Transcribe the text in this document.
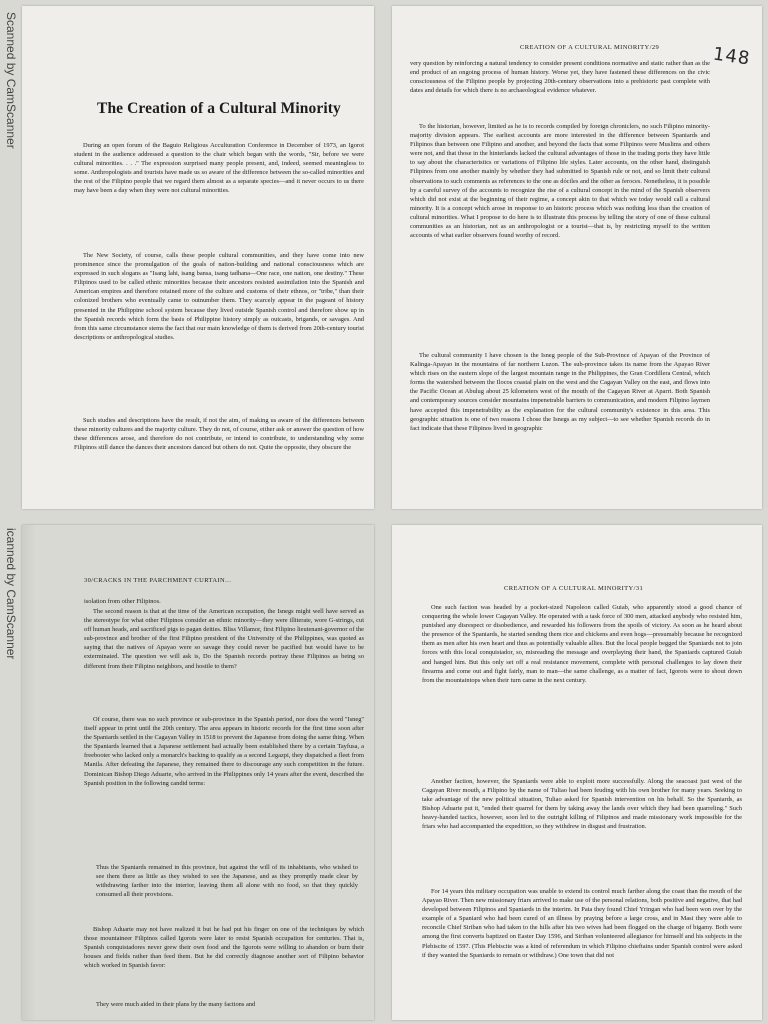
Scanned by CamScanner
icanned by CamScanner
The Creation of a Cultural Minority

During an open forum of the Baguio Religious Acculturation Conference in December of 1973, an Igorot student in the audience addressed a question to the chair which began with the words, "Sir, before we were cultural minorities. . . ." The expression surprised many people present, and, indeed, seemed meaningless to some. Anthropologists and tourists have made us so aware of the difference between the so-called minorities and the rest of the Filipino people that we regard them almost as a separate species—and it never occurs to us there may have been a day when they were not cultural minorities.

The New Society, of course, calls these people cultural communities, and they have come into new prominence since the promulgation of the goals of nation-building and national consciousness which are expressed in such slogans as "Isang lahi, isang bansa, isang tadhana—One race, one nation, one destiny." These Filipinos used to be called ethnic minorities because their ancestors resisted assimilation into the Spanish and American empires and therefore retained more of the culture and customs of their ethnos, or "tribe," than their colonized brothers who eventually came to outnumber them. They scarcely appear in the pageant of history presented in the Philippine school system because they lived outside Spanish control and therefore show up in the Spanish records which form the basis of Philippine history simply as outcasts, brigands, or savages. And from this same circumstance stems the fact that our main knowledge of them is derived from 20th-century tourist descriptions or anthropological studies.

Such studies and descriptions have the result, if not the aim, of making us aware of the differences between these minority cultures and the majority culture. They do not, of course, either ask or answer the question of how these differences arose, and therefore do not contribute, or intend to contribute, to understanding why some Filipinos still dance the dances their ancestors danced but others do not. Quite the opposite, they obscure the

CREATION OF A CULTURAL MINORITY/29	148

very question by reinforcing a natural tendency to consider present conditions normative and static rather than as the end product of an ongoing process of human history. Worse yet, they have fastened these differences on the civic consciousness of the Filipino people by projecting 20th-century observations into a prehistoric past complete with dates and details for which there is no archaeological evidence whatever.

To the historian, however, limited as he is to records compiled by foreign chroniclers, no such Filipino minority-majority division appears. The earliest accounts are more interested in the difference between Spaniards and Filipinos than between one Filipino and another, and beyond the facts that some Filipinos were Muslims and others were not, and that those in the hinterlands lacked the cultural advantages of those in the trading ports they have little to say about the characteristics or variations of Filipino life styles. Later accounts, on the other hand, distinguish Filipinos from one another mainly by whether they had submitted to Spanish rule or not, and so limit their cultural observations to such comments as references to the one as dóciles and the other as feroces. Nonetheless, it is possible by a careful survey of the accounts to recognize the rise of a cultural concept in the mind of the Spanish observers which did not exist at the beginning of their regime, a concept akin to that which we today would call a cultural minority. It is a concept which arose in response to an historic process which was nothing less than the creation of cultural minorities. What I propose to do here is to illustrate this process by telling the story of one of these cultural communities as an historian, not as an anthropologist or a tourist—that is, by restricting myself to the written accounts of what earlier observers found worthy of record.

The cultural community I have chosen is the Isneg people of the Sub-Province of Apayao of the Province of Kalinga-Apayao in the mountains of far northern Luzon. The sub-province takes its name from the Apayao River which rises on the eastern slope of the largest mountain range in the Philippines, the Gran Cordillera Central, which forms the watershed between the Ilocos coastal plain on the west and the Cagayan Valley on the east, and flows into the Pacific Ocean at Abulug about 25 kilometers west of the mouth of the Cagayan River at Aparri. Both Spanish and contemporary sources consider mountains impenetrable barriers to communication, and modern Filipino laymen have accepted this impenetrability as the explanation for the cultural community's existence in this area. This geographic situation is one of two reasons I chose the Isnegs as my subject—to see whether Spanish records do in fact indicate that these Filipinos lived in geographic

30/CRACKS IN THE PARCHMENT CURTAIN...

isolation from other Filipinos.

The second reason is that at the time of the American occupation, the Isnegs might well have served as the stereotype for what other Filipinos consider an ethnic minority—they were illiterate, wore G-strings, cut off human heads, and sacrificed pigs to pagan deities. Bliss Villamor, first Filipino lieutenant-governor of the sub-province and brother of the first Filipino president of the University of the Philippines, was quoted as saying that the natives of Apayao were so savage they could never be pacified but would have to be exterminated. The question we will ask is, Do the Spanish records portray these Filipinos as being so different from their Filipino neighbors, and hostile to them?

Of course, there was no such province or sub-province in the Spanish period, nor does the word "Isneg" itself appear in print until the 20th century. The area appears in historic records for the first time soon after the Spaniards settled in the Cagayan Valley in 1518 to prevent the Japanese from doing the same thing. When the Spaniards learned that a Japanese settlement had actually been established there by a certain Tayfusa, a freebooter who lacked only a monarch's backing to qualify as a second Legazpi, they dispatched a fleet from Manila. After defeating the Japanese, they remained there to discourage any such competition in the future. Dominican Bishop Diego Aduarte, who arrived in the Philippines only 14 years after the event, described the Spanish position in the following candid terms:

Thus the Spaniards remained in this province, but against the will of its inhabitants, who wished to see them there as little as they wished to see the Japanese, and as they promptly made clear by withdrawing farther into the interior, leaving them all alone with no food, so that they quickly consumed all their provisions.

Bishop Aduarte may not have realized it but he had put his finger on one of the techniques by which those mountaineer Filipinos called Igorots were later to resist Spanish occupation for centuries. That is, Spanish conquistadores never grew their own food and the Igorots were willing to abandon or burn their houses and fields rather than feed them. But he did correctly diagnose another sort of Filipino behavior which worked in Spanish favor:

They were much aided in their plans by the many factions and

CREATION OF A CULTURAL MINORITY/31

One such faction was headed by a pocket-sized Napoleon called Guiab, who apparently stood a good chance of conquering the whole lower Cagayan Valley. He operated with a task force of 300 men, attacked anybody who resisted him, punished any disrespect or disobedience, and rewarded his followers from the spoils of victory. As soon as he heard about the presence of the Spaniards, he started sending them rice and chickens and even hogs—presumably because he recognized them as men after his own heart and thus as potentially valuable allies. But the local people begged the Spaniards not to join forces with this local conquistador, so, misreading the message and overplaying their hand, the Spaniards captured Guiab and hanged him. But this only set off a real resistance movement, complete with personal challenges to lay down their firearms and come out and fight fairly, man to man—the same challenge, as a matter of fact, Igorots were to shout down from the mountaintops when their turn came in the next century.

Another faction, however, the Spaniards were able to exploit more successfully. Along the seacoast just west of the Cagayan River mouth, a Filipino by the name of Tuliao had been feuding with his own brother for many years. Seeking to take advantage of the new political situation, Tuliao asked for Spanish intervention on his behalf. So the Spaniards, as Bishop Aduarte put it, "ended their quarrel for them by taking away the lands over which they had been quarreling." Such heavy-handed tactics, however, soon led to the outright killing of Filipinos and made missionary work impossible for the friars who had accompanied the expedition, so they withdrew in disgust and frustration.

For 14 years this military occupation was unable to extend its control much farther along the coast than the mouth of the Apayao River. Then new missionary friars arrived to make use of the personal relations, both positive and negative, that had developed between Filipinos and Spaniards in the interim. In Pata they found Chief Yringan who had been won over by the example of a Spaniard who had been cured of an illness by praying before a large cross, and in Masi they were able to reconcile Chief Siriban who had taken to the hills after his two wives had been flogged on the charge of bigamy. Both were among the first converts baptized on Easter Day 1596, and Siriban volunteered allegiance for himself and his subjects in the Plebiscite of 1597. (This Plebiscite was a kind of referendum in which Filipino chieftains under Spanish control were asked if they wanted the Spaniards to remain or withdraw.) One town that did not
